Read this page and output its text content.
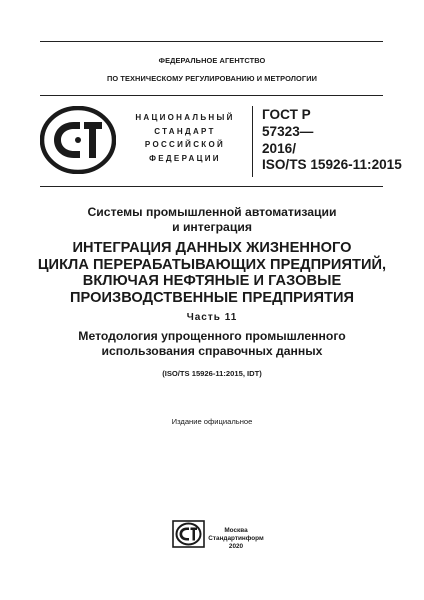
ФЕДЕРАЛЬНОЕ АГЕНТСТВО
ПО ТЕХНИЧЕСКОМУ РЕГУЛИРОВАНИЮ И МЕТРОЛОГИИ
НАЦИОНАЛЬНЫЙ
СТАНДАРТ
РОССИЙСКОЙ
ФЕДЕРАЦИИ
ГОСТ Р
57323—
2016/
ISO/TS 15926-11:2015
Системы промышленной автоматизации
и интеграция
ИНТЕГРАЦИЯ ДАННЫХ ЖИЗНЕННОГО
ЦИКЛА ПЕРЕРАБАТЫВАЮЩИХ ПРЕДПРИЯТИЙ,
ВКЛЮЧАЯ НЕФТЯНЫЕ И ГАЗОВЫЕ
ПРОИЗВОДСТВЕННЫЕ ПРЕДПРИЯТИЯ
Часть 11
Методология упрощенного промышленного
использования справочных данных
(ISO/TS 15926-11:2015, IDT)
Издание официальное
Москва
Стандартинформ
2020
